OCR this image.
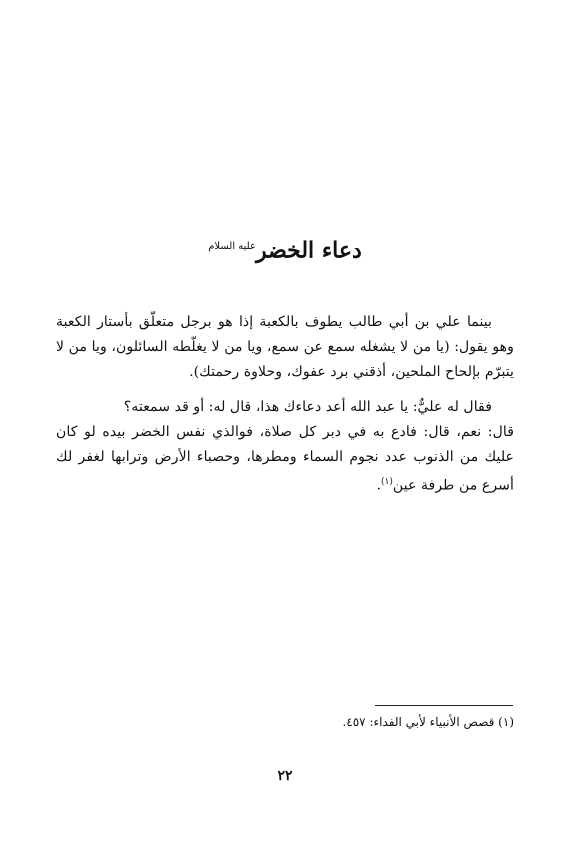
دعاء الخضر$^{عليه السلام}$

بينما علي بن أبي طالب يطوف بالكعبة إذا هو برجل متعلّق بأستار الكعبة وهو يقول: (يا من لا يشغله سمع عن سمع، ويا من لا يغلّطه السائلون، ويا من لا يتبرّم بإلحاح الملحين، أذقني برد عفوك، وحلاوة رحمتك).

فقال له عليٌّ: يا عبد الله أعد دعاءك هذا، قال له: أو قد سمعته؟

قال: نعم، قال: فادع به في دبر كل صلاة، فوالذي نفس الخضر بيده لو كان عليك من الذنوب عدد نجوم السماء ومطرها، وحصباء الأرض وترابها لغفر لك أسرع من طرفة عين$^{(١)}$.

(١) قصص الأنبياء لأبي الفداء: ٤٥٧.
٢٢
